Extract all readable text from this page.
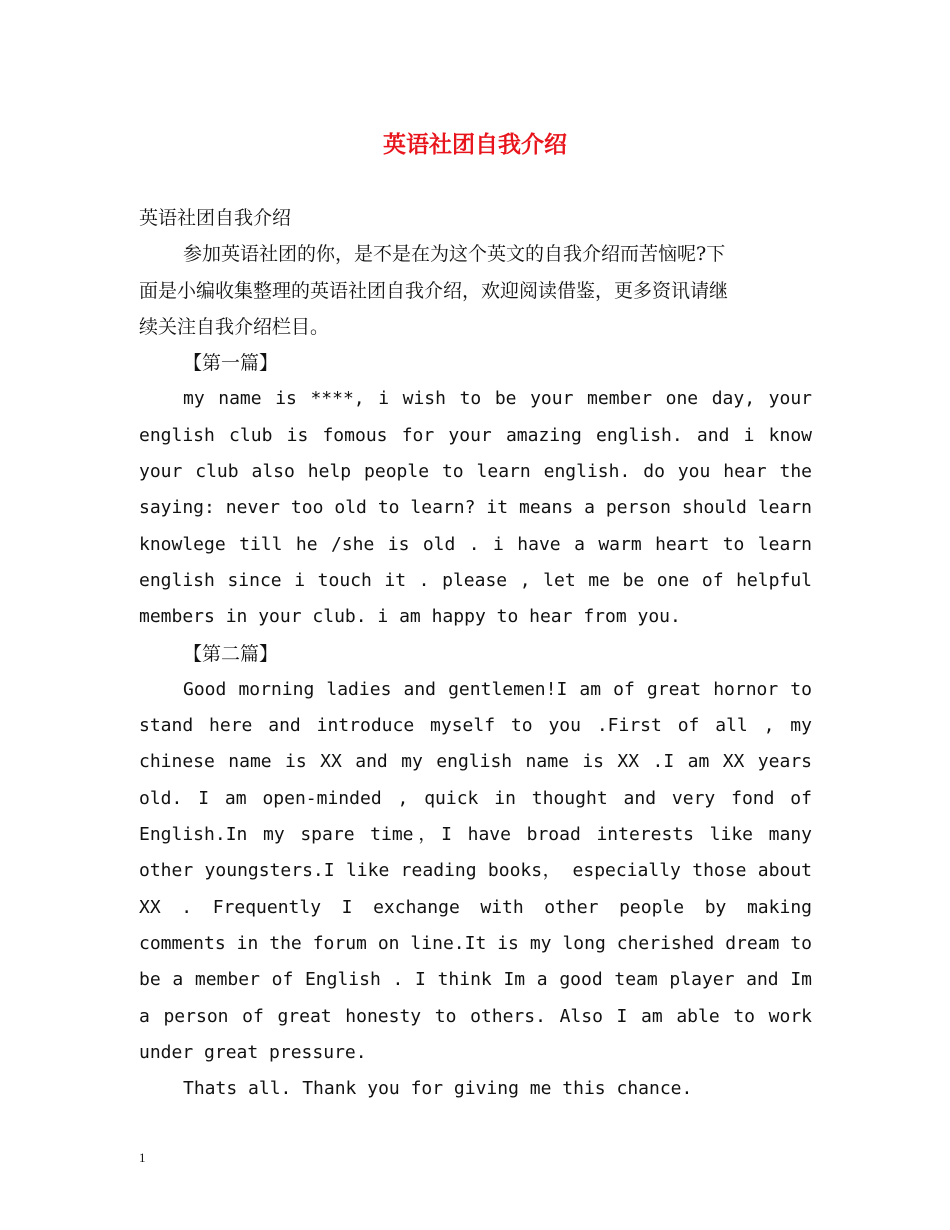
英语社团自我介绍

英语社团自我介绍

参加英语社团的你，是不是在为这个英文的自我介绍而苦恼呢?下

面是小编收集整理的英语社团自我介绍，欢迎阅读借鉴，更多资讯请继

续关注自我介绍栏目。

【第一篇】

my name is ****, i wish to be your member one day, your

english club is fomous for your amazing english. and i know

your club also help people to learn english. do you hear the

saying: never too old to learn? it means a person should learn

knowlege till he /she is old . i have a warm heart to learn

english since i touch it . please , let me be one of helpful

members in your club. i am happy to hear from you.

【第二篇】

Good morning ladies and gentlemen!I am of great hornor to

stand here and introduce myself to you .First of all , my

chinese name is XX and my english name is XX .I am XX years

old. I am open-minded , quick in thought and very fond of

English.In my spare time，I have broad interests like many

other youngsters.I like reading books， especially those about

XX . Frequently I exchange with other people by making

comments in the forum on line.It is my long cherished dream to

be a member of English . I think Im a good team player and Im

a person of great honesty to others. Also I am able to work

under great pressure.

Thats all. Thank you for giving me this chance.

1
